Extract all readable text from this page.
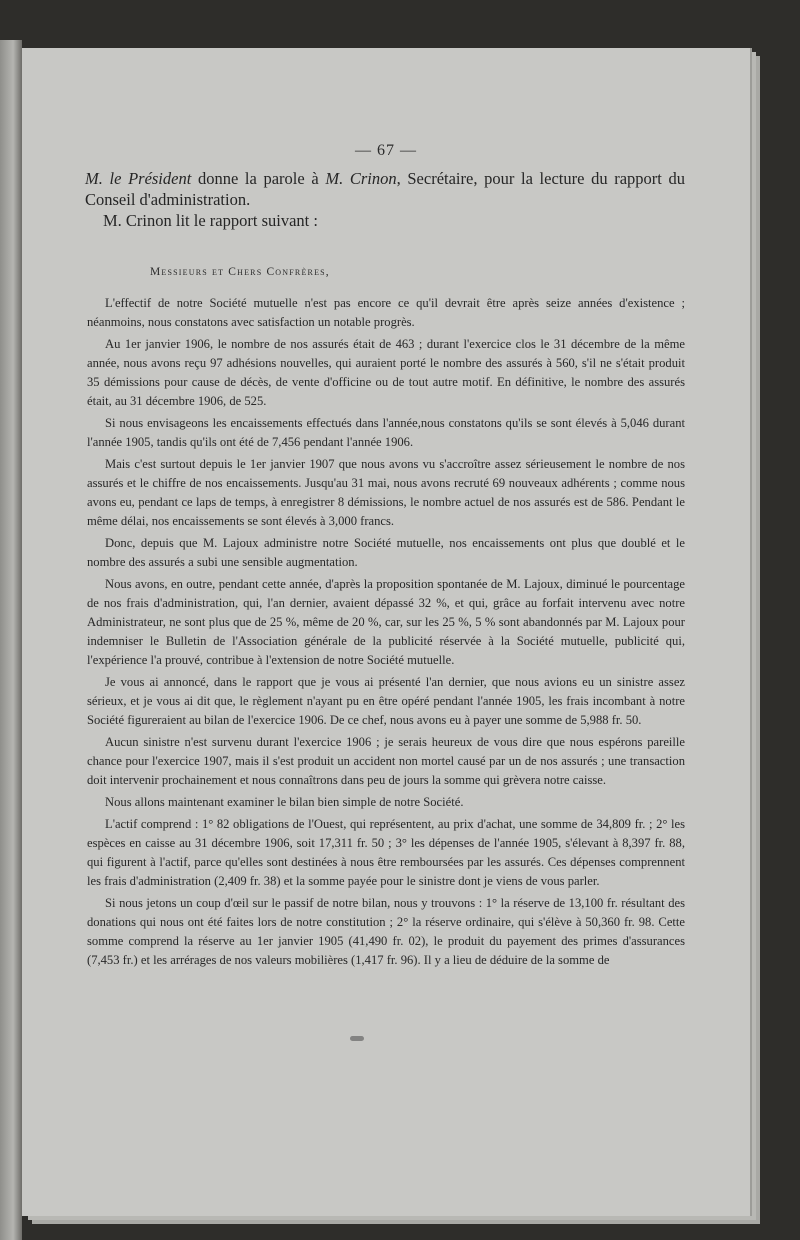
— 67 —

M. le Président donne la parole à M. Crinon, Secrétaire, pour la lecture du rapport du Conseil d'administration.

M. Crinon lit le rapport suivant :

Messieurs et Chers Confrères,

L'effectif de notre Société mutuelle n'est pas encore ce qu'il devrait être après seize années d'existence ; néanmoins, nous constatons avec satisfaction un notable progrès.

Au 1er janvier 1906, le nombre de nos assurés était de 463 ; durant l'exercice clos le 31 décembre de la même année, nous avons reçu 97 adhésions nouvelles, qui auraient porté le nombre des assurés à 560, s'il ne s'était produit 35 démissions pour cause de décès, de vente d'officine ou de tout autre motif. En définitive, le nombre des assurés était, au 31 décembre 1906, de 525.

Si nous envisageons les encaissements effectués dans l'année,nous constatons qu'ils se sont élevés à 5,046 durant l'année 1905, tandis qu'ils ont été de 7,456 pendant l'année 1906.

Mais c'est surtout depuis le 1er janvier 1907 que nous avons vu s'accroître assez sérieusement le nombre de nos assurés et le chiffre de nos encaissements. Jusqu'au 31 mai, nous avons recruté 69 nouveaux adhérents ; comme nous avons eu, pendant ce laps de temps, à enregistrer 8 démissions, le nombre actuel de nos assurés est de 586. Pendant le même délai, nos encaissements se sont élevés à 3,000 francs.

Donc, depuis que M. Lajoux administre notre Société mutuelle, nos encaissements ont plus que doublé et le nombre des assurés a subi une sensible augmentation.

Nous avons, en outre, pendant cette année, d'après la proposition spontanée de M. Lajoux, diminué le pourcentage de nos frais d'administration, qui, l'an dernier, avaient dépassé 32 %, et qui, grâce au forfait intervenu avec notre Administrateur, ne sont plus que de 25 %, même de 20 %, car, sur les 25 %, 5 % sont abandonnés par M. Lajoux pour indemniser le Bulletin de l'Association générale de la publicité réservée à la Société mutuelle, publicité qui, l'expérience l'a prouvé, contribue à l'extension de notre Société mutuelle.

Je vous ai annoncé, dans le rapport que je vous ai présenté l'an dernier, que nous avions eu un sinistre assez sérieux, et je vous ai dit que, le règlement n'ayant pu en être opéré pendant l'année 1905, les frais incombant à notre Société figureraient au bilan de l'exercice 1906. De ce chef, nous avons eu à payer une somme de 5,988 fr. 50.

Aucun sinistre n'est survenu durant l'exercice 1906 ; je serais heureux de vous dire que nous espérons pareille chance pour l'exercice 1907, mais il s'est produit un accident non mortel causé par un de nos assurés ; une transaction doit intervenir prochainement et nous connaîtrons dans peu de jours la somme qui grèvera notre caisse.

Nous allons maintenant examiner le bilan bien simple de notre Société.

L'actif comprend : 1° 82 obligations de l'Ouest, qui représentent, au prix d'achat, une somme de 34,809 fr. ; 2° les espèces en caisse au 31 décembre 1906, soit 17,311 fr. 50 ; 3° les dépenses de l'année 1905, s'élevant à 8,397 fr. 88, qui figurent à l'actif, parce qu'elles sont destinées à nous être remboursées par les assurés. Ces dépenses comprennent les frais d'administration (2,409 fr. 38) et la somme payée pour le sinistre dont je viens de vous parler.

Si nous jetons un coup d'œil sur le passif de notre bilan, nous y trouvons : 1° la réserve de 13,100 fr. résultant des donations qui nous ont été faites lors de notre constitution ; 2° la réserve ordinaire, qui s'élève à 50,360 fr. 98. Cette somme comprend la réserve au 1er janvier 1905 (41,490 fr. 02), le produit du payement des primes d'assurances (7,453 fr.) et les arrérages de nos valeurs mobilières (1,417 fr. 96). Il y a lieu de déduire de la somme de
